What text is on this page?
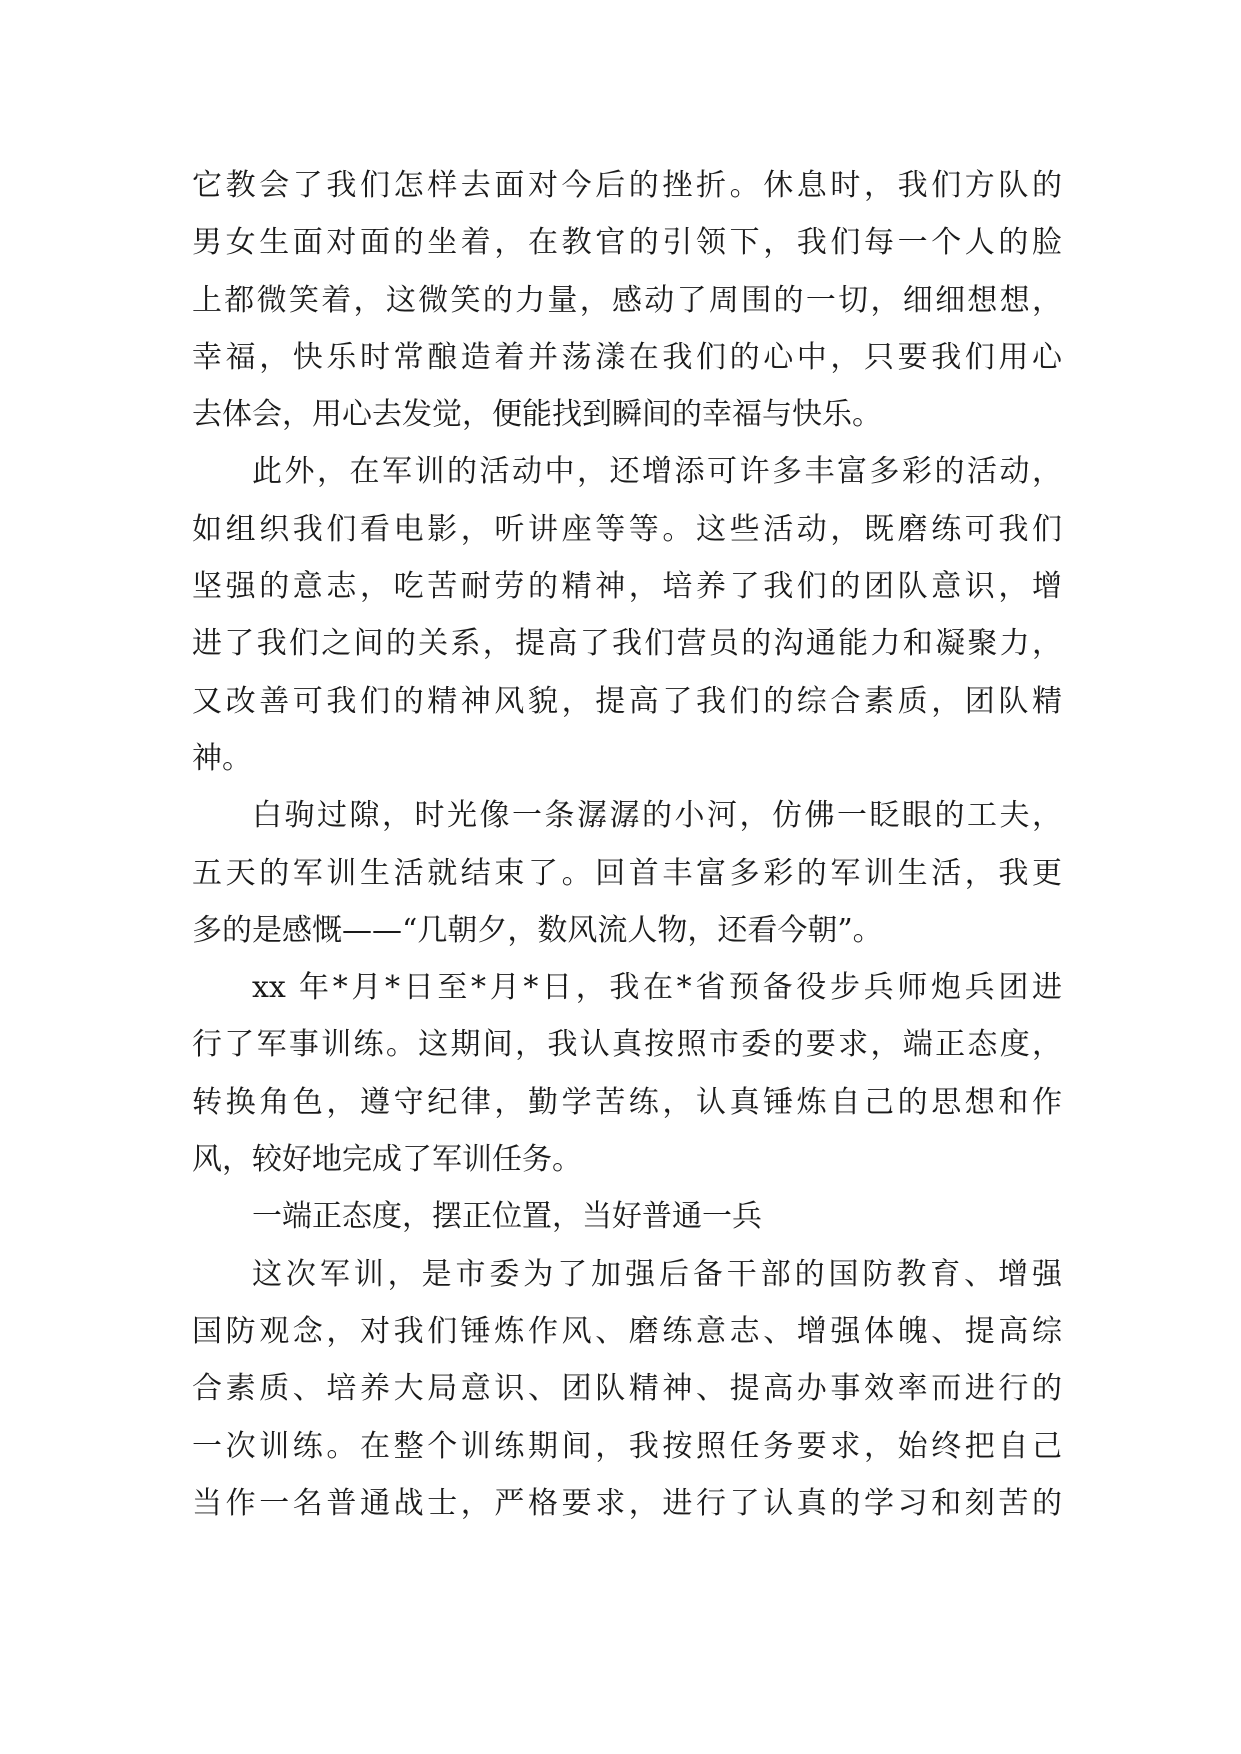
它教会了我们怎样去面对今后的挫折。休息时，我们方队的
男女生面对面的坐着，在教官的引领下，我们每一个人的脸
上都微笑着，这微笑的力量，感动了周围的一切，细细想想，
幸福，快乐时常酿造着并荡漾在我们的心中，只要我们用心
去体会，用心去发觉，便能找到瞬间的幸福与快乐。
此外，在军训的活动中，还增添可许多丰富多彩的活动，
如组织我们看电影，听讲座等等。这些活动，既磨练可我们
坚强的意志，吃苦耐劳的精神，培养了我们的团队意识，增
进了我们之间的关系，提高了我们营员的沟通能力和凝聚力，
又改善可我们的精神风貌，提高了我们的综合素质，团队精
神。
白驹过隙，时光像一条潺潺的小河，仿佛一眨眼的工夫，
五天的军训生活就结束了。回首丰富多彩的军训生活，我更
多的是感慨——“几朝夕，数风流人物，还看今朝”。
xx 年*月*日至*月*日，我在*省预备役步兵师炮兵团进
行了军事训练。这期间，我认真按照市委的要求，端正态度，
转换角色，遵守纪律，勤学苦练，认真锤炼自己的思想和作
风，较好地完成了军训任务。
一端正态度，摆正位置，当好普通一兵
这次军训，是市委为了加强后备干部的国防教育、增强
国防观念，对我们锤炼作风、磨练意志、增强体魄、提高综
合素质、培养大局意识、团队精神、提高办事效率而进行的
一次训练。在整个训练期间，我按照任务要求，始终把自己
当作一名普通战士，严格要求，进行了认真的学习和刻苦的
